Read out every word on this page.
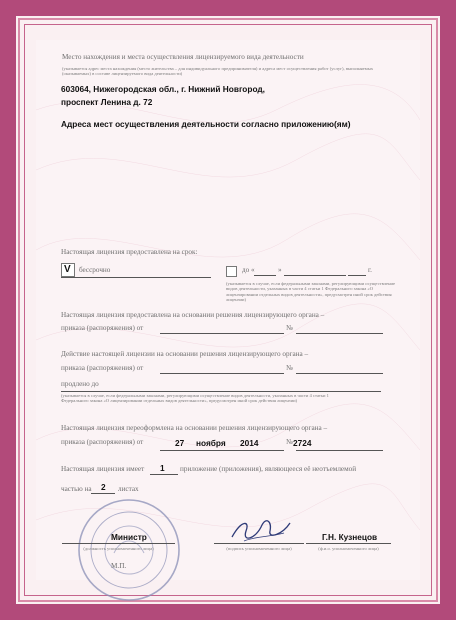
Место нахождения и места осуществления лицензируемого вида деятельности
(указывается адрес места нахождения (место жительства – для индивидуального предпринимателя) и адреса мест осуществления работ (услуг), выполняемых (оказываемых) в составе лицензируемого вида деятельности)
603064, Нижегородская обл., г. Нижний Новгород,
проспект Ленина д. 72
Адреса мест осуществления деятельности согласно приложению(ям)
Настоящая лицензия предоставлена на срок:
V бессрочно	до «	»	г.
(указывается в случае, если федеральными законами, регулирующими осуществление видов деятельности, указанных в части 4 статьи 1 Федерального закона «О лицензировании отдельных видов деятельности», предусмотрен иной срок действия лицензии)
Настоящая лицензия предоставлена на основании решения лицензирующего органа –
приказа (распоряжения) от	№
Действие настоящей лицензии на основании решения лицензирующего органа –
приказа (распоряжения) от	№
продлено до
(указывается в случае, если федеральными законами, регулирующими осуществление видов деятельности, указанных в части 4 статьи 1 Федерального закона «О лицензировании отдельных видов деятельности», предусмотрен иной срок действия лицензии)
Настоящая лицензия переоформлена на основании решения лицензирующего органа –
приказа (распоряжения) от	27 ноября 2014	№ 2724
Настоящая лицензия имеет 1 приложение (приложения), являющееся её неотъемлемой
частью на 2 листах
Министр
(должность уполномоченного лица)	(подпись уполномоченного лица)
Г.Н. Кузнецов
(ф.и.о. уполномоченного лица)
М.П.
